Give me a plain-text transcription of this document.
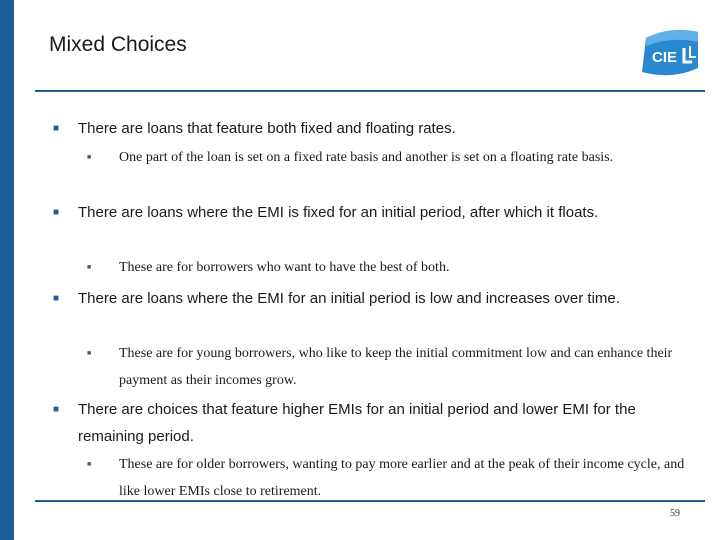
Mixed Choices
CIE
■	There are loans that feature both fixed and floating rates.
■	One part of the loan is set on a fixed rate basis and another is set on a floating rate basis.
■	There are loans where the EMI is fixed for an initial period, after which it floats.
■	These are for borrowers who want to have the best of both.
■	There are loans where the EMI for an initial period is low and increases over time.
■	These are for young borrowers, who like to keep the initial commitment low and can enhance their payment as their incomes grow.
■	There are choices that feature higher EMIs for an initial period and lower EMI for the remaining period.
■	These are for older borrowers, wanting to pay more earlier and at the peak of their income cycle, and like lower EMIs close to retirement.
59
